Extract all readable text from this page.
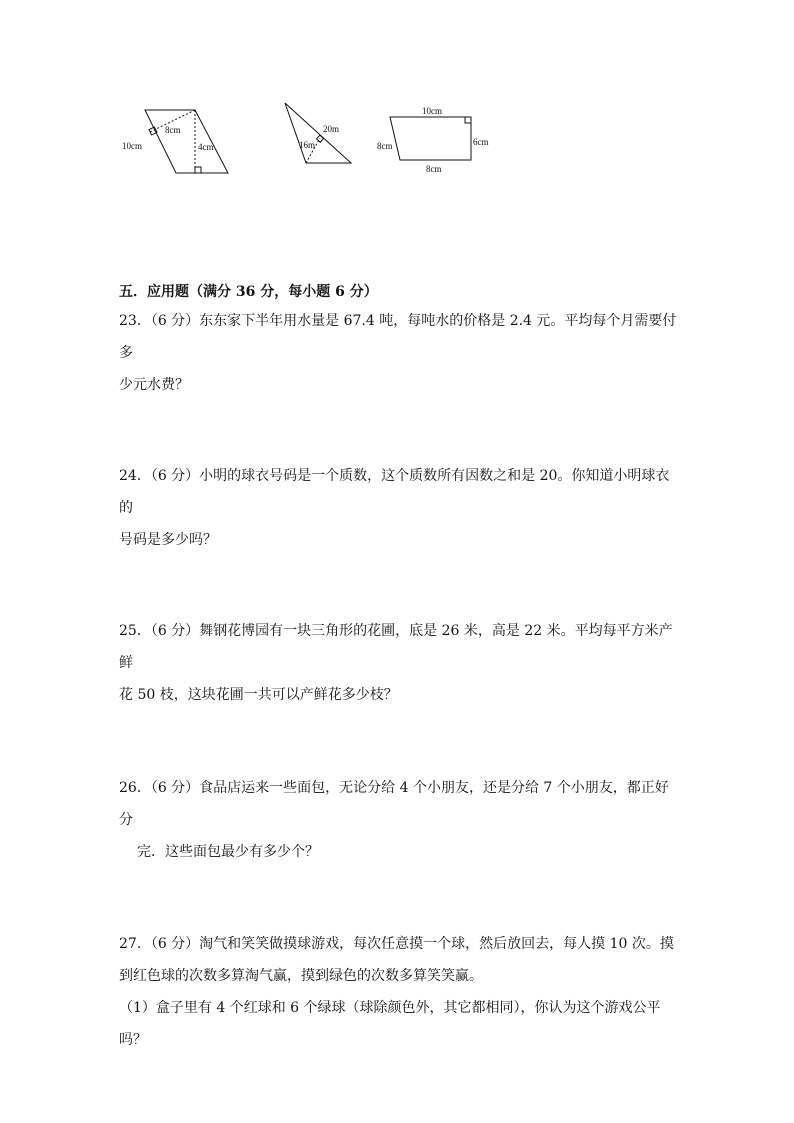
10cm
8cm
4cm
20m
16m
10cm
6cm
8cm
8cm
五．应用题（满分 36 分，每小题 6 分）

23．（6 分）东东家下半年用水量是 67.4 吨，每吨水的价格是 2.4 元。平均每个月需要付多

少元水费？

24．（6 分）小明的球衣号码是一个质数，这个质数所有因数之和是 20。你知道小明球衣的

号码是多少吗？

25．（6 分）舞钢花博园有一块三角形的花圃，底是 26 米，高是 22 米。平均每平方米产鲜

花 50 枝，这块花圃一共可以产鲜花多少枝？

26．（6 分）食品店运来一些面包，无论分给 4 个小朋友，还是分给 7 个小朋友，都正好分

完．这些面包最少有多少个？

27．（6 分）淘气和笑笑做摸球游戏，每次任意摸一个球，然后放回去，每人摸 10 次。摸

到红色球的次数多算淘气赢，摸到绿色的次数多算笑笑赢。

（1）盒子里有 4 个红球和 6 个绿球（球除颜色外，其它都相同），你认为这个游戏公平吗？
